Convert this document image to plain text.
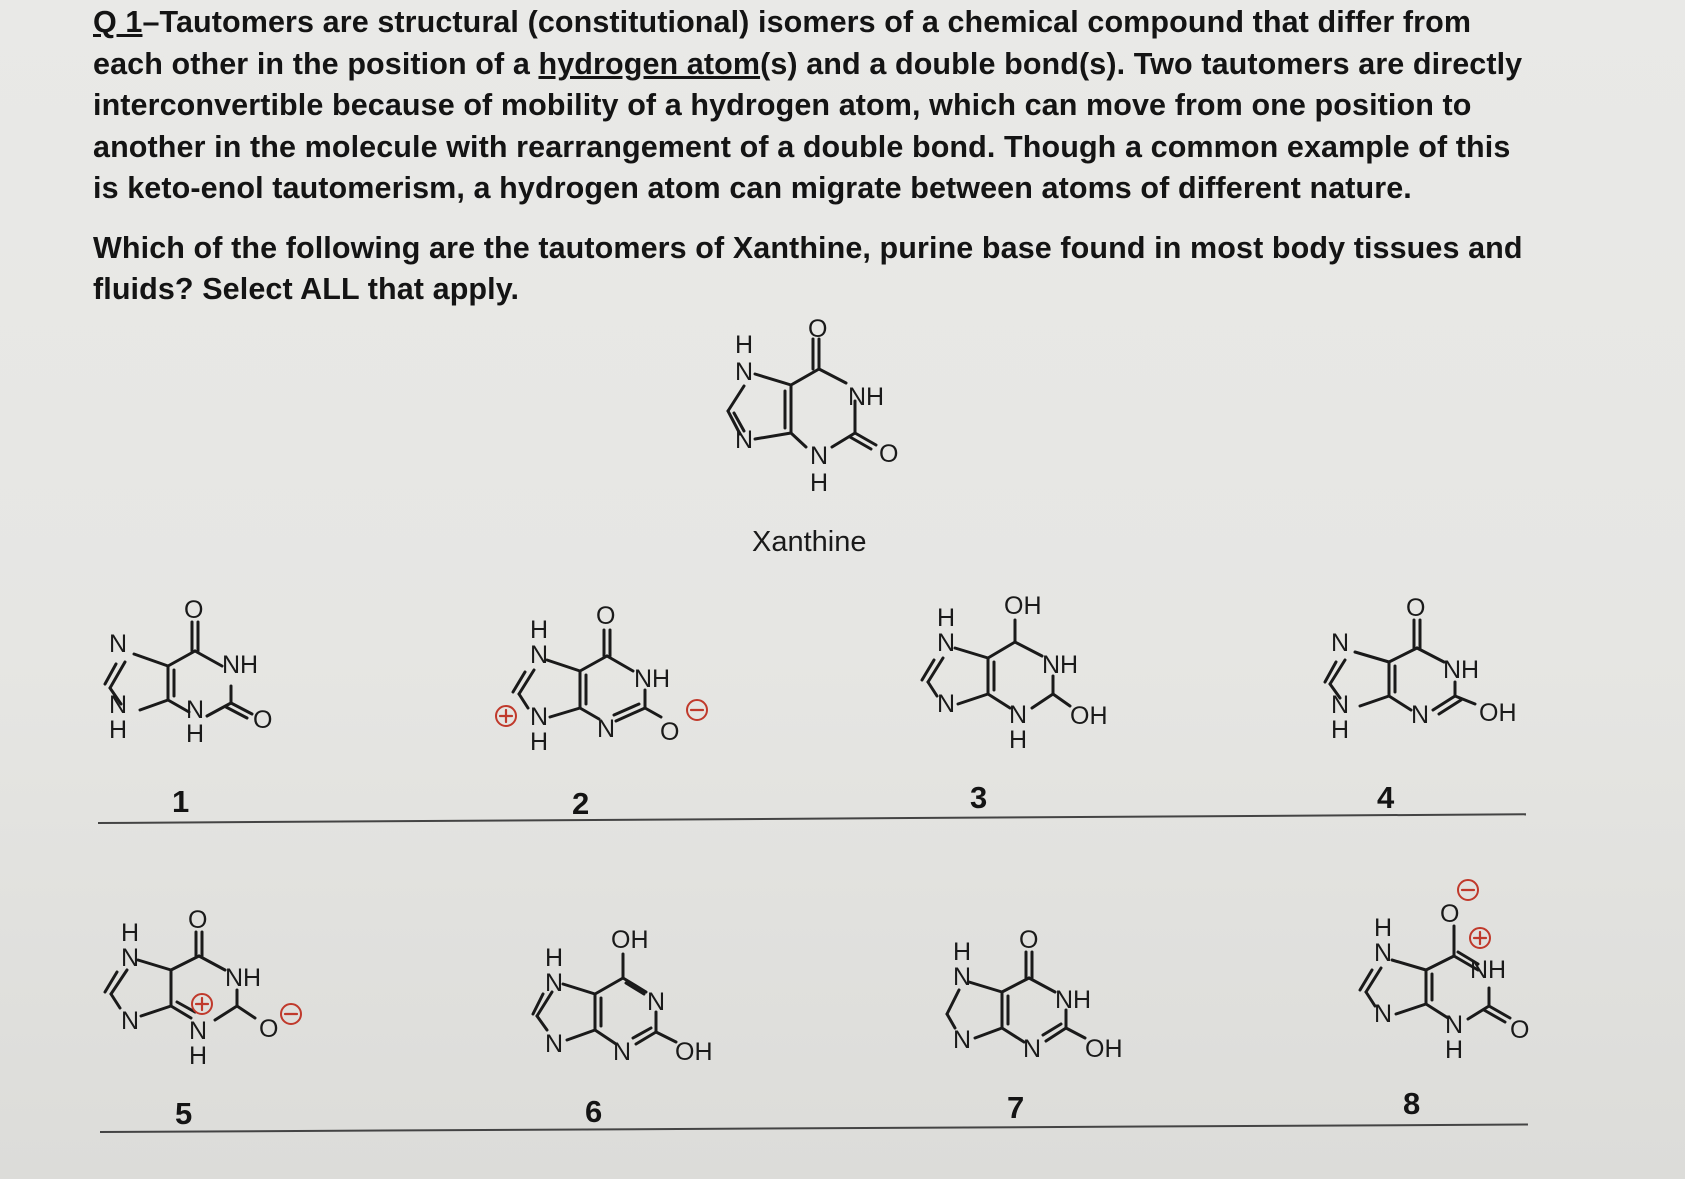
Q 1–Tautomers are structural (constitutional) isomers of a chemical compound that differ from each other in the position of a hydrogen atom(s) and a double bond(s). Two tautomers are directly interconvertible because of mobility of a hydrogen atom, which can move from one position to another in the molecule with rearrangement of a double bond. Though a common example of this is keto-enol tautomerism, a hydrogen atom can migrate between atoms of different nature.

Which of the following are the tautomers of Xanthine, purine base found in most body tissues and fluids? Select ALL that apply.

O
H
N
NH
N
N
H
O
Xanthine
O
N
NH
N
H
N
H O
1
O
H
N
NH
N
H N O
2
OH
H
N
NH
N N
H
OH
3
O
N
NH
N
H
N OH
4
O
H
N
NH
N N
H
O
5
OH
H
N
N
N N OH
6
O
H
N
NH
N N OH
7
O
H
N
NH
N N
H
O
8
